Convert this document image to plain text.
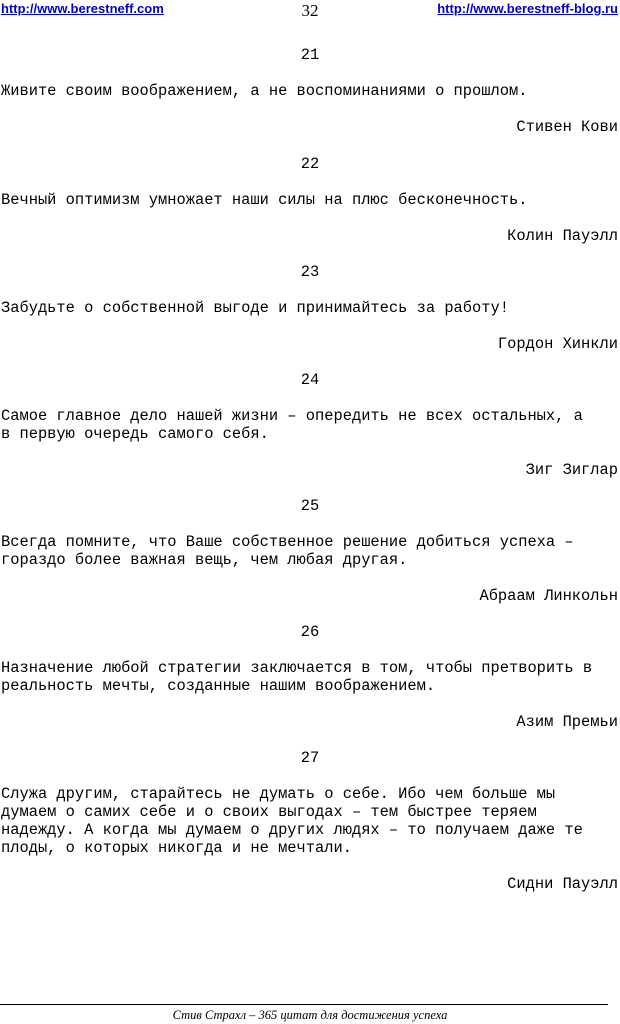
http://www.berestneff.com	32	http://www.berestneff-blog.ru
21
Живите своим воображением, а не воспоминаниями о прошлом.
Стивен Кови
22
Вечный оптимизм умножает наши силы на плюс бесконечность.
Колин Пауэлл
23
Забудьте о собственной выгоде и принимайтесь за работу!
Гордон Хинкли
24
Самое главное дело нашей жизни – опередить не всех остальных, а
в первую очередь самого себя.
Зиг Зиглар
25
Всегда помните, что Ваше собственное решение добиться успеха –
гораздо более важная вещь, чем любая другая.
Абраам Линкольн
26
Назначение любой стратегии заключается в том, чтобы претворить в
реальность мечты, созданные нашим воображением.
Азим Премьи
27
Служа другим, старайтесь не думать о себе. Ибо чем больше мы
думаем о самих себе и о своих выгодах – тем быстрее теряем
надежду. А когда мы думаем о других людях – то получаем даже те
плоды, о которых никогда и не мечтали.
Сидни Пауэлл
Стив Страхл – 365 цитат для достижения успеха
